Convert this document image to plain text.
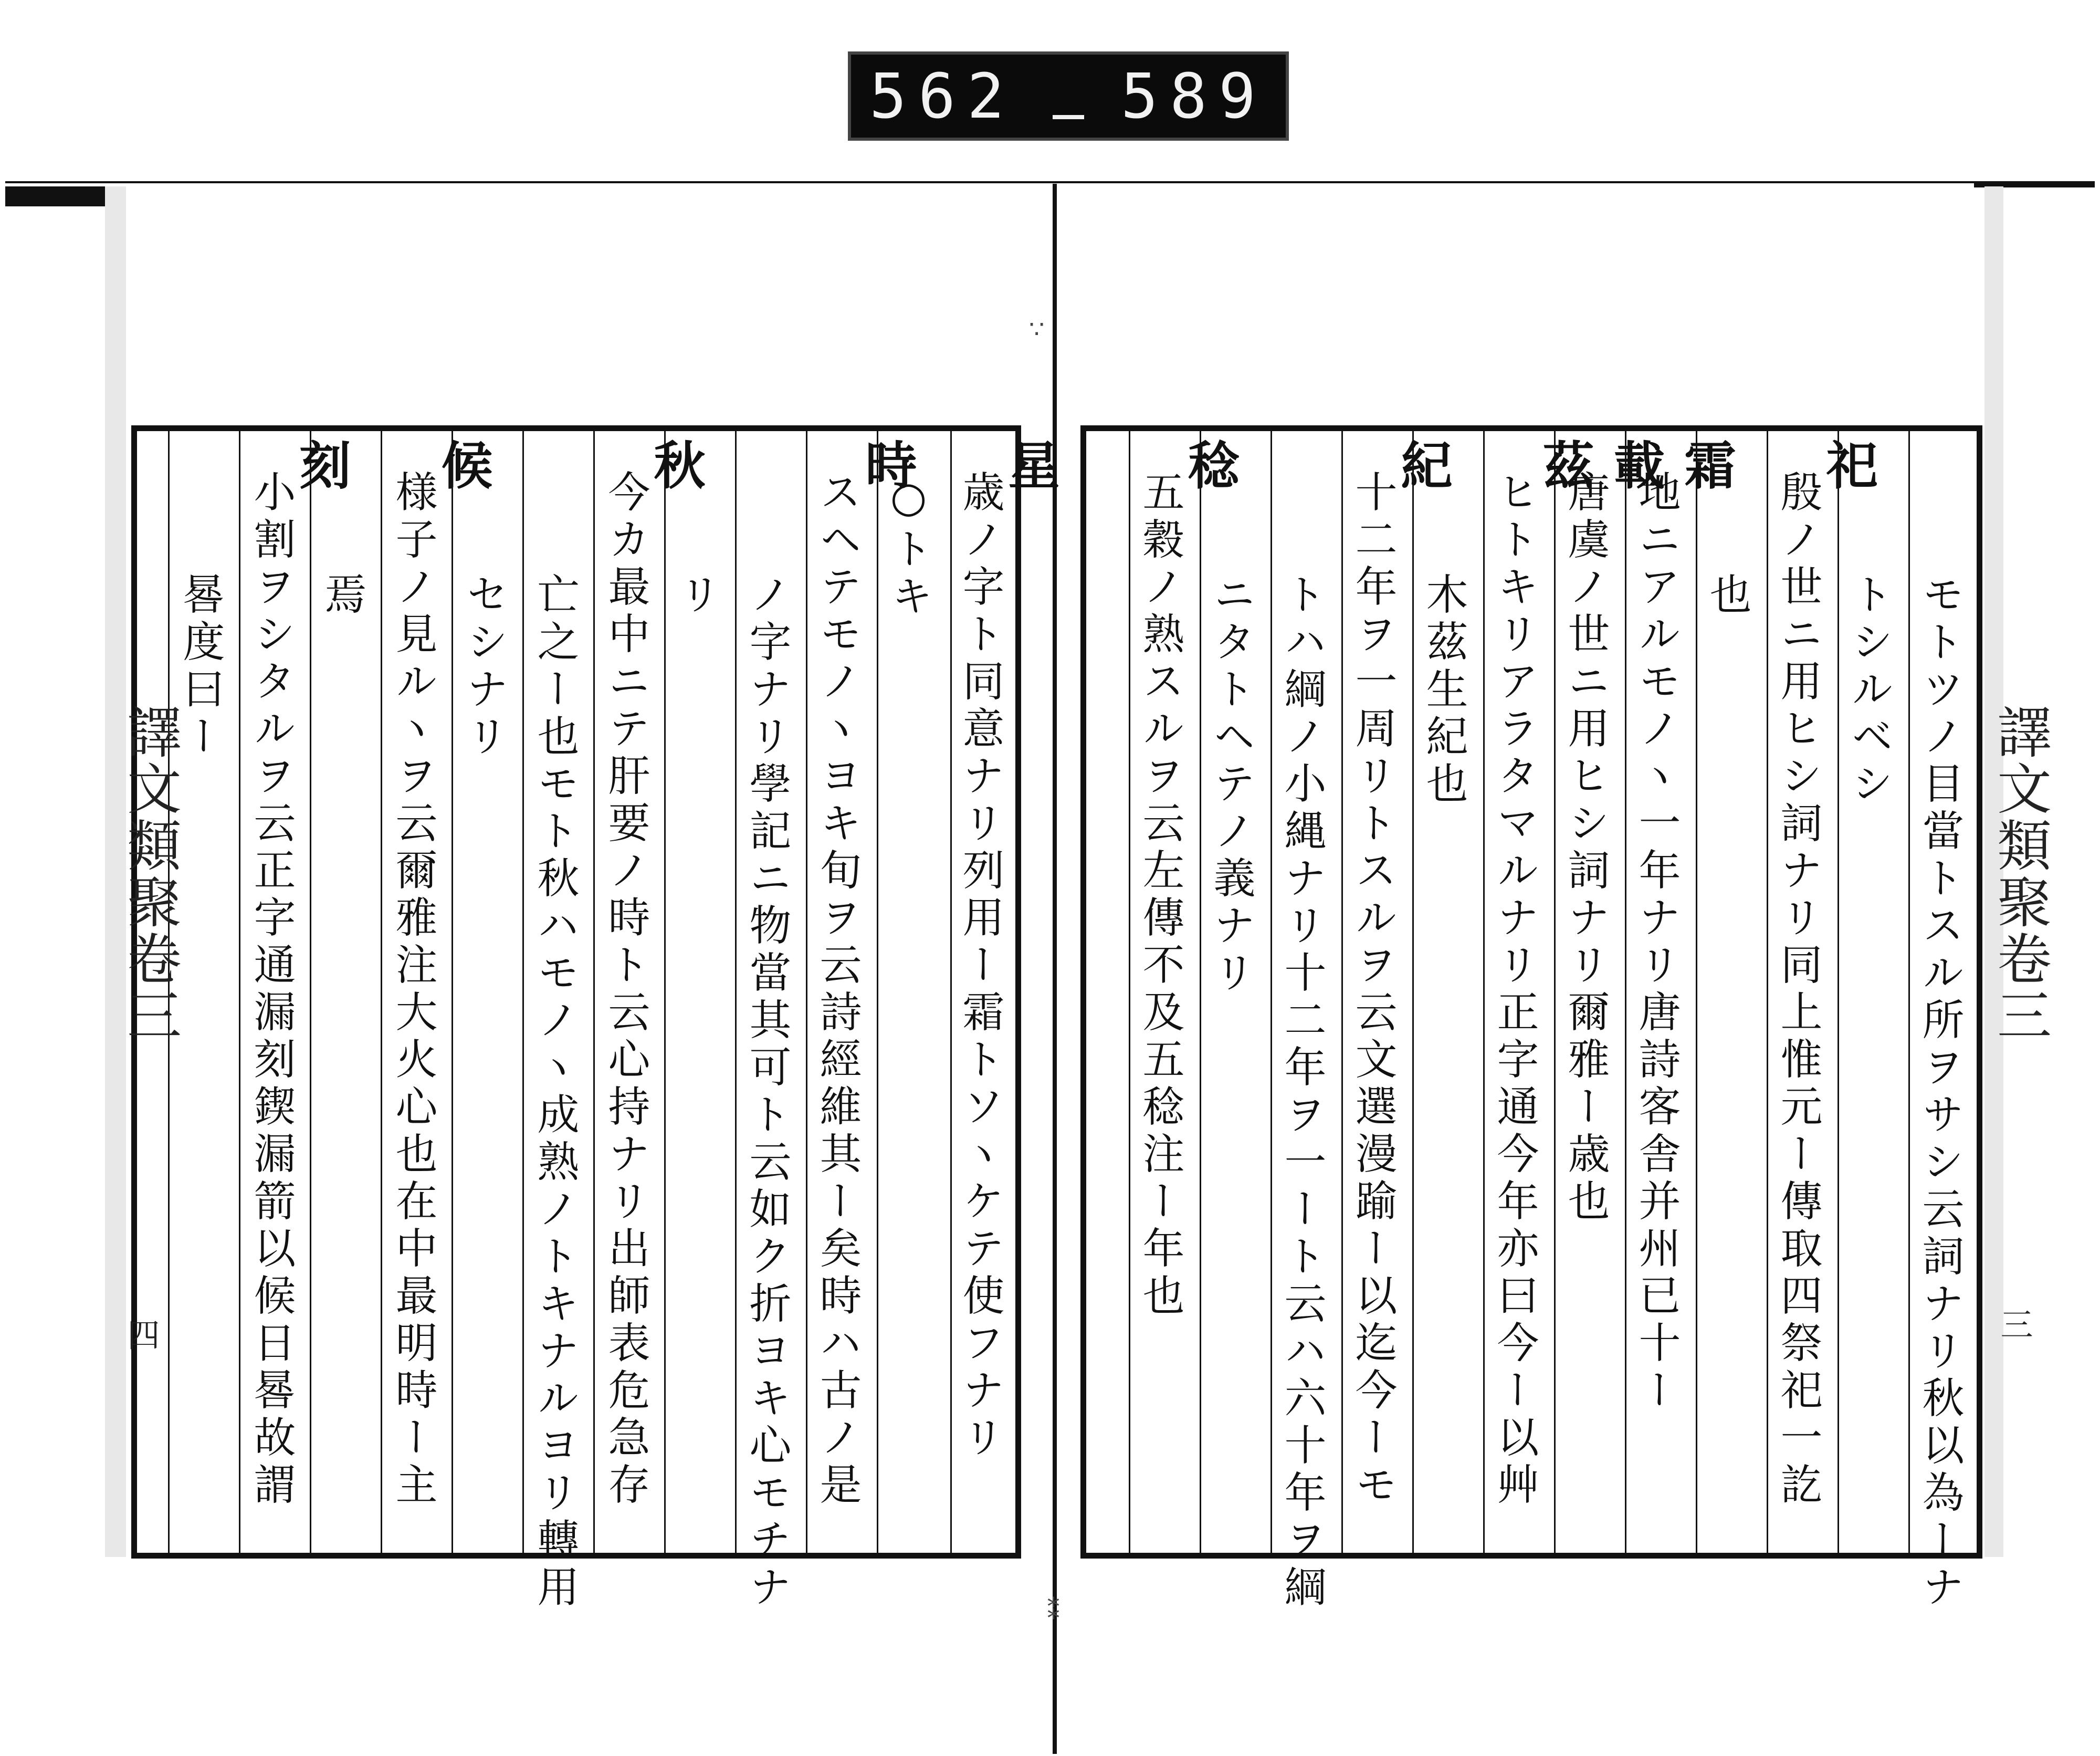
562 589
譯文類聚卷三
四
譯文類聚卷三
三
星
歳ノ字ト同意ナリ列用ー霜トソヽケテ使フナリ
○トキ
時
スヘテモノヽヨキ旬ヲ云詩經維其ー矣時ハ古ノ是
ノ字ナリ學記ニ物當其可ト云如ク折ヨキ心モチナ
リ
秋
今カ最中ニテ肝要ノ時ト云心持ナリ出師表危急存
亡之ー也モト秋ハモノヽ成熟ノトキナルヨリ轉用
セシナリ
候
様子ノ見ルヽヲ云爾雅注大火心也在中最明時ー主
焉
刻
小割ヲシタルヲ云正字通漏刻鍥漏箭以候日晷故謂
晷度曰ー	モトツノ目當トスル所ヲサシ云詞ナリ秋以為ーナ
トシルベシ
祀
殷ノ世ニ用ヒシ詞ナリ同上惟元ー傳取四祭祀一訖
也
霜
地ニアルモノヽ一年ナリ唐詩客舎并州已十ー
載
唐虞ノ世ニ用ヒシ詞ナリ爾雅ー歳也
茲
ヒトキリアラタマルナリ正字通今年亦曰今ー以艸
木茲生紀也
紀
十二年ヲ一周リトスルヲ云文選漫踰ー以迄今ーモ
トハ綱ノ小縄ナリ十二年ヲ一ート云ハ六十年ヲ綱
ニタトヘテノ義ナリ
稔
五穀ノ熟スルヲ云左傳不及五稔注ー年也
∵
⁑
